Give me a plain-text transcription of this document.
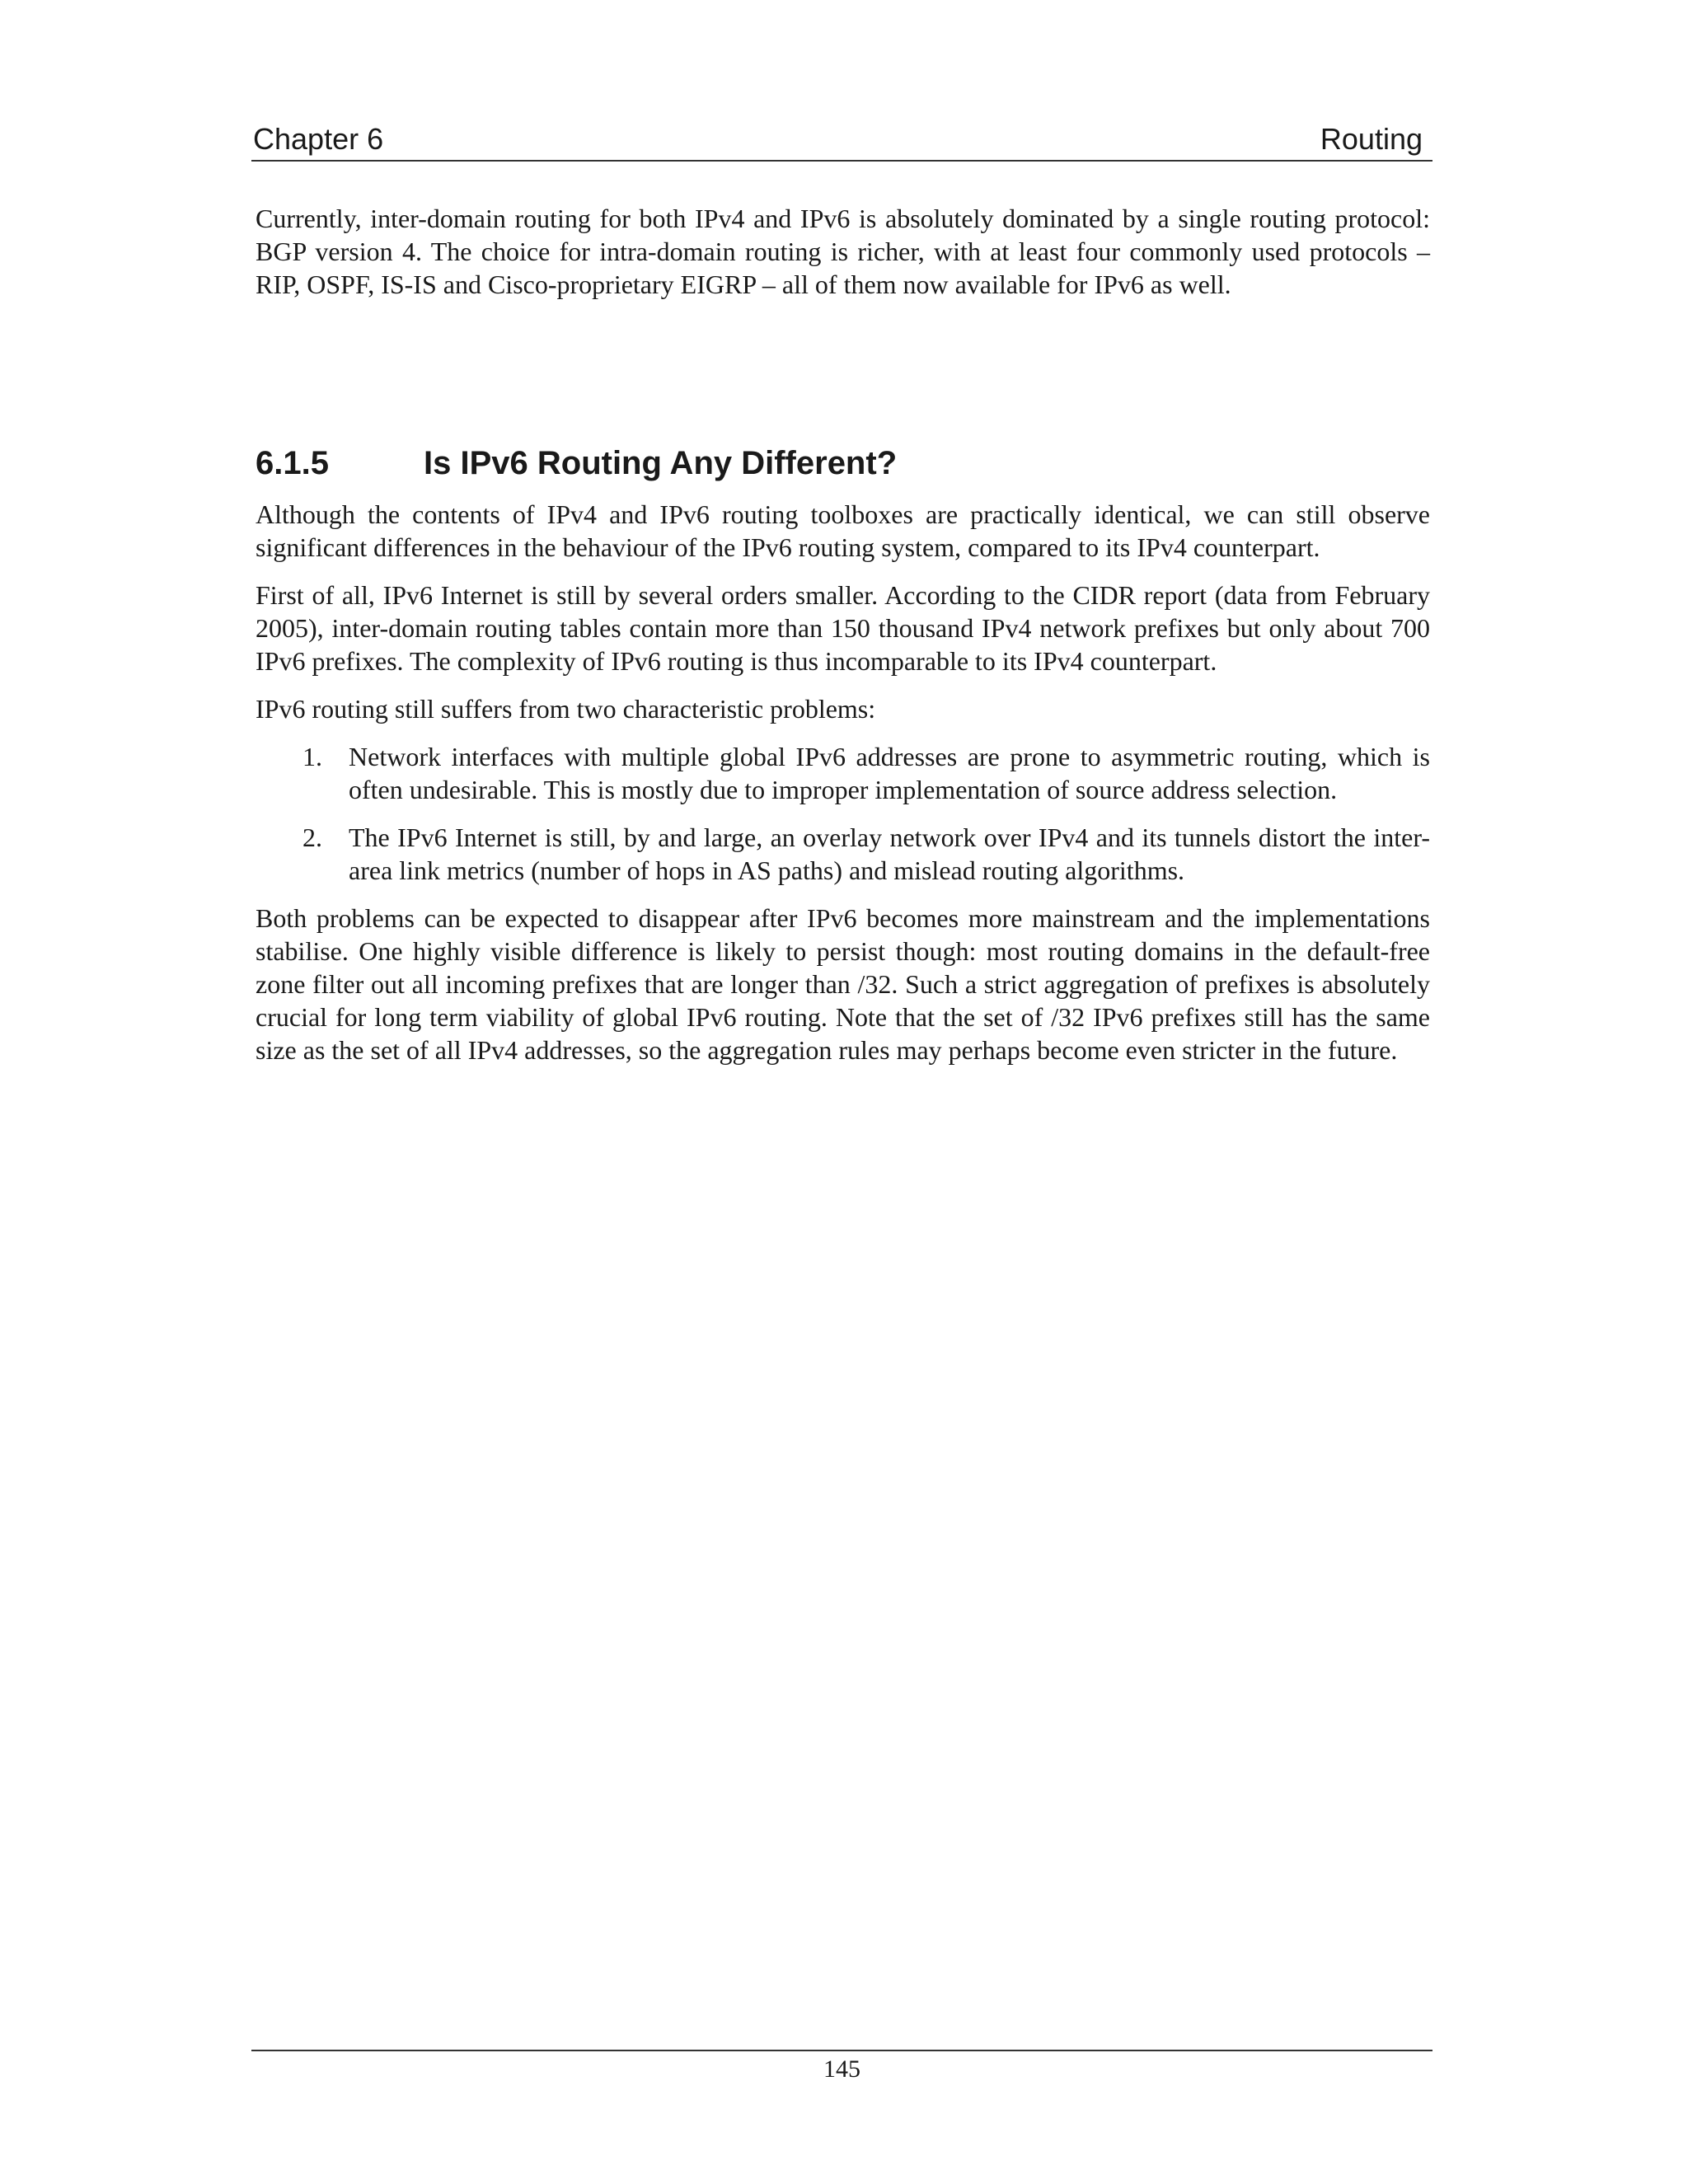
Chapter 6	Routing

Currently, inter-domain routing for both IPv4 and IPv6 is absolutely dominated by a single routing protocol: BGP version 4. The choice for intra-domain routing is richer, with at least four commonly used protocols – RIP, OSPF, IS-IS and Cisco-proprietary EIGRP – all of them now available for IPv6 as well.

6.1.5	Is IPv6 Routing Any Different?

Although the contents of IPv4 and IPv6 routing toolboxes are practically identical, we can still observe significant differences in the behaviour of the IPv6 routing system, compared to its IPv4 counterpart.

First of all, IPv6 Internet is still by several orders smaller. According to the CIDR report (data from February 2005), inter-domain routing tables contain more than 150 thousand IPv4 network prefixes but only about 700 IPv6 prefixes. The complexity of IPv6 routing is thus incomparable to its IPv4 counterpart.

IPv6 routing still suffers from two characteristic problems:

1. Network interfaces with multiple global IPv6 addresses are prone to asymmetric routing, which is often undesirable. This is mostly due to improper implementation of source address selection.
2. The IPv6 Internet is still, by and large, an overlay network over IPv4 and its tunnels distort the inter-area link metrics (number of hops in AS paths) and mislead routing algorithms.

Both problems can be expected to disappear after IPv6 becomes more mainstream and the implementations stabilise. One highly visible difference is likely to persist though: most routing domains in the default-free zone filter out all incoming prefixes that are longer than /32. Such a strict aggregation of prefixes is absolutely crucial for long term viability of global IPv6 routing. Note that the set of /32 IPv6 prefixes still has the same size as the set of all IPv4 addresses, so the aggregation rules may perhaps become even stricter in the future.

145
